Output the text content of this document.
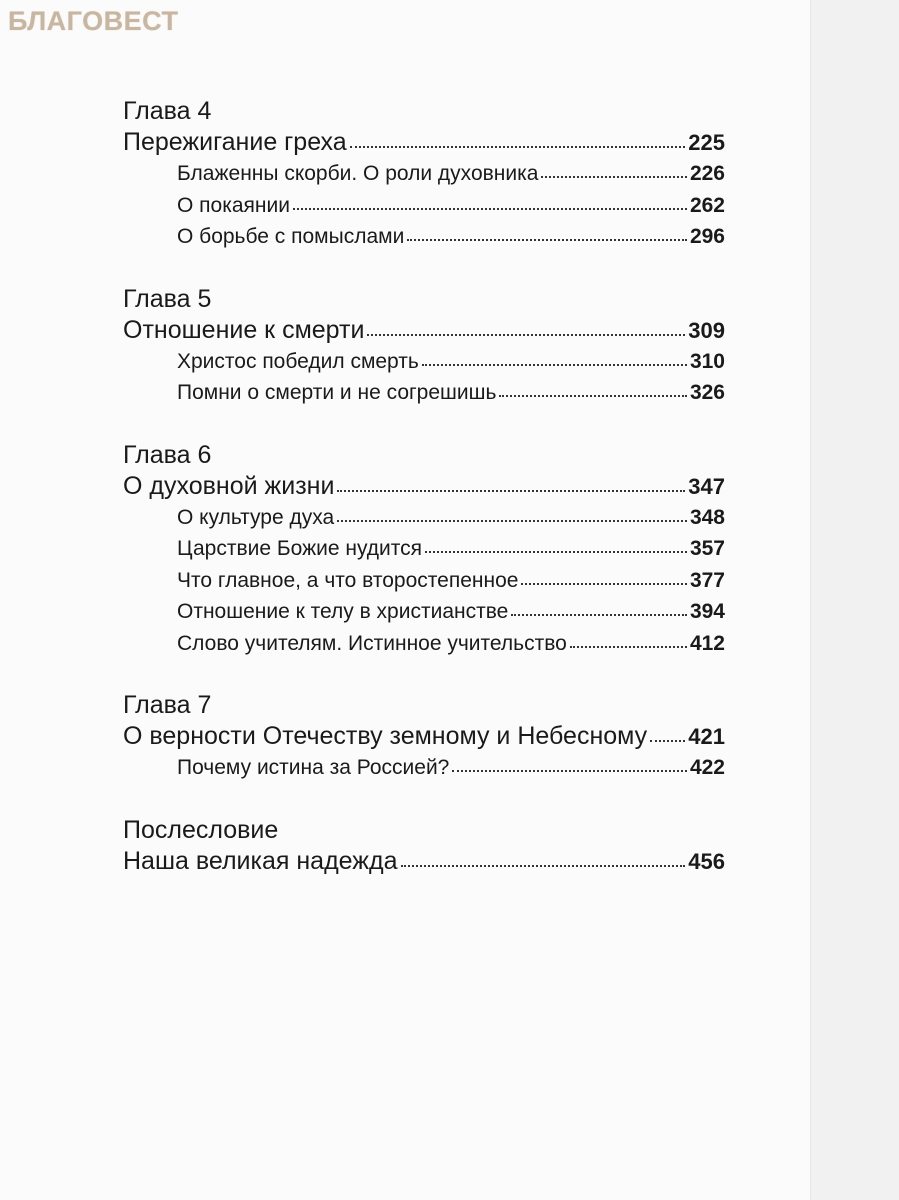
БЛАГОВЕСТ
Глава 4
Пережигание греха	225
Блаженны скорби. О роли духовника	226
О покаянии	262
О борьбе с помыслами	296
Глава 5
Отношение к смерти	309
Христос победил смерть	310
Помни о смерти и не согрешишь	326
Глава 6
О духовной жизни	347
О культуре духа	348
Царствие Божие нудится	357
Что главное, а что второстепенное	377
Отношение к телу в христианстве	394
Слово учителям. Истинное учительство	412
Глава 7
О верности Отечеству земному и Небесному 421
Почему истина за Россией?	422
Послесловие
Наша великая надежда	456
